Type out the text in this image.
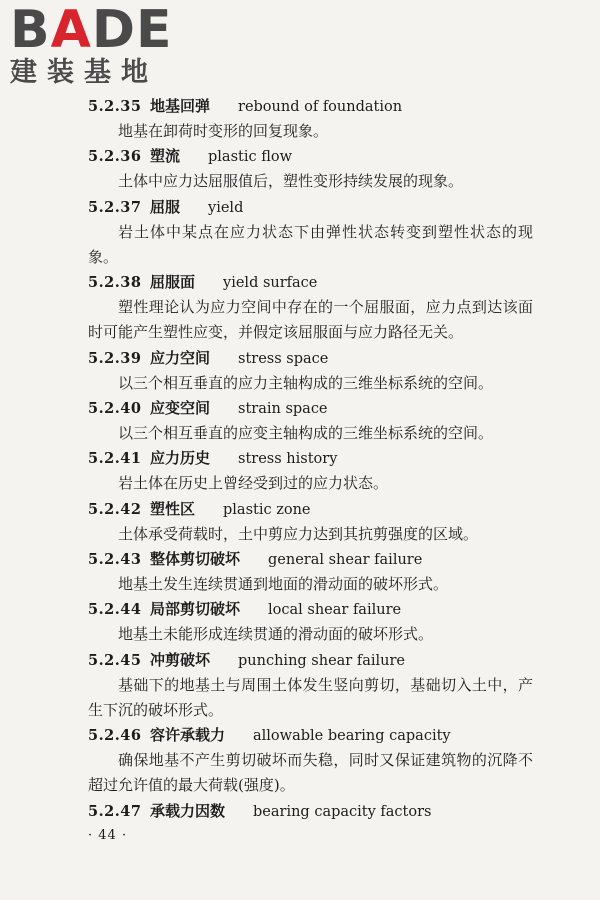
BADE
建装基地
5.2.35 地基回弹 rebound of foundation

地基在卸荷时变形的回复现象。

5.2.36 塑流 plastic flow

土体中应力达屈服值后，塑性变形持续发展的现象。

5.2.37 屈服 yield

岩土体中某点在应力状态下由弹性状态转变到塑性状态的现象。

5.2.38 屈服面 yield surface

塑性理论认为应力空间中存在的一个屈服面，应力点到达该面时可能产生塑性应变，并假定该屈服面与应力路径无关。

5.2.39 应力空间 stress space

以三个相互垂直的应力主轴构成的三维坐标系统的空间。

5.2.40 应变空间 strain space

以三个相互垂直的应变主轴构成的三维坐标系统的空间。

5.2.41 应力历史 stress history

岩土体在历史上曾经受到过的应力状态。

5.2.42 塑性区 plastic zone

土体承受荷载时，土中剪应力达到其抗剪强度的区域。

5.2.43 整体剪切破坏 general shear failure

地基土发生连续贯通到地面的滑动面的破坏形式。

5.2.44 局部剪切破坏 local shear failure

地基土未能形成连续贯通的滑动面的破坏形式。

5.2.45 冲剪破坏 punching shear failure

基础下的地基土与周围土体发生竖向剪切，基础切入土中，产生下沉的破坏形式。

5.2.46 容许承载力 allowable bearing capacity

确保地基不产生剪切破坏而失稳，同时又保证建筑物的沉降不超过允许值的最大荷载(强度)。

5.2.47 承载力因数 bearing capacity factors
· 44 ·
